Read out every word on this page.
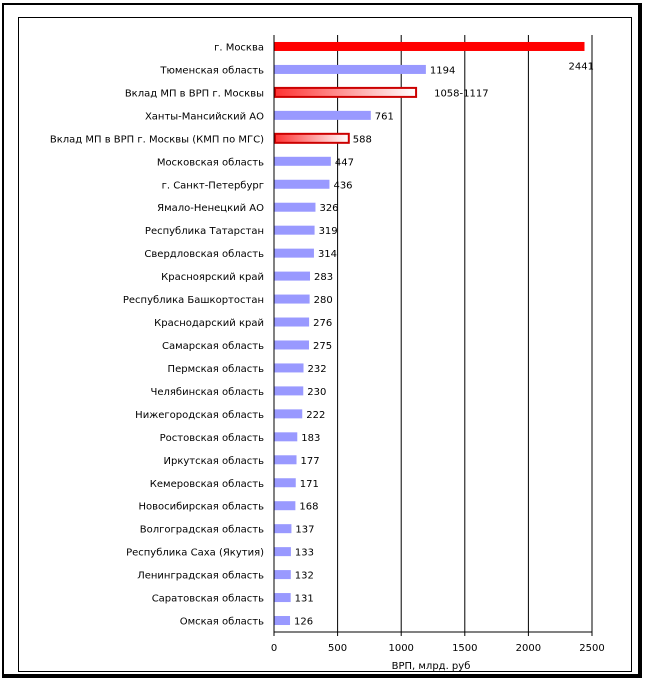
г. Москва
Тюменская область
Вклад МП в ВРП г. Москвы
Ханты-Мансийский АО
Вклад МП в ВРП г. Москвы (КМП по МГС)
Московская область
г. Санкт-Петербург
Ямало-Ненецкий АО
Республика Татарстан
Свердловская область
Красноярский край
Республика Башкортостан
Краснодарский край
Самарская область
Пермская область
Челябинская область
Нижегородская область
Ростовская область
Иркутская область
Кемеровская область
Новосибирская область
Волгоградская область
Республика Саха (Якутия)
Ленинградская область
Саратовская область
Омская область
2441
1194
1058-1117
761
588
447
436
326
319
314
283
280
276
275
232
230
222
183
177
171
168
137
133
132
131
126
0	500	1000	1500	2000	2500
ВРП, млрд. руб
